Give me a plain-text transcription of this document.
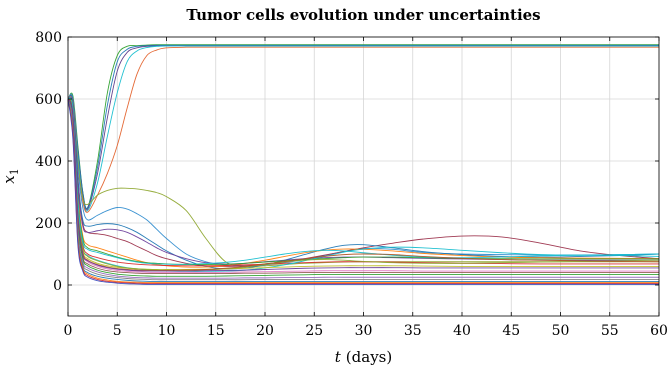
0	5	10 15 20 25 30 35 40 45 50 55 60
0
200
400
600
800
Tumor cells evolution under uncertainties
t (days)
$x_1$
